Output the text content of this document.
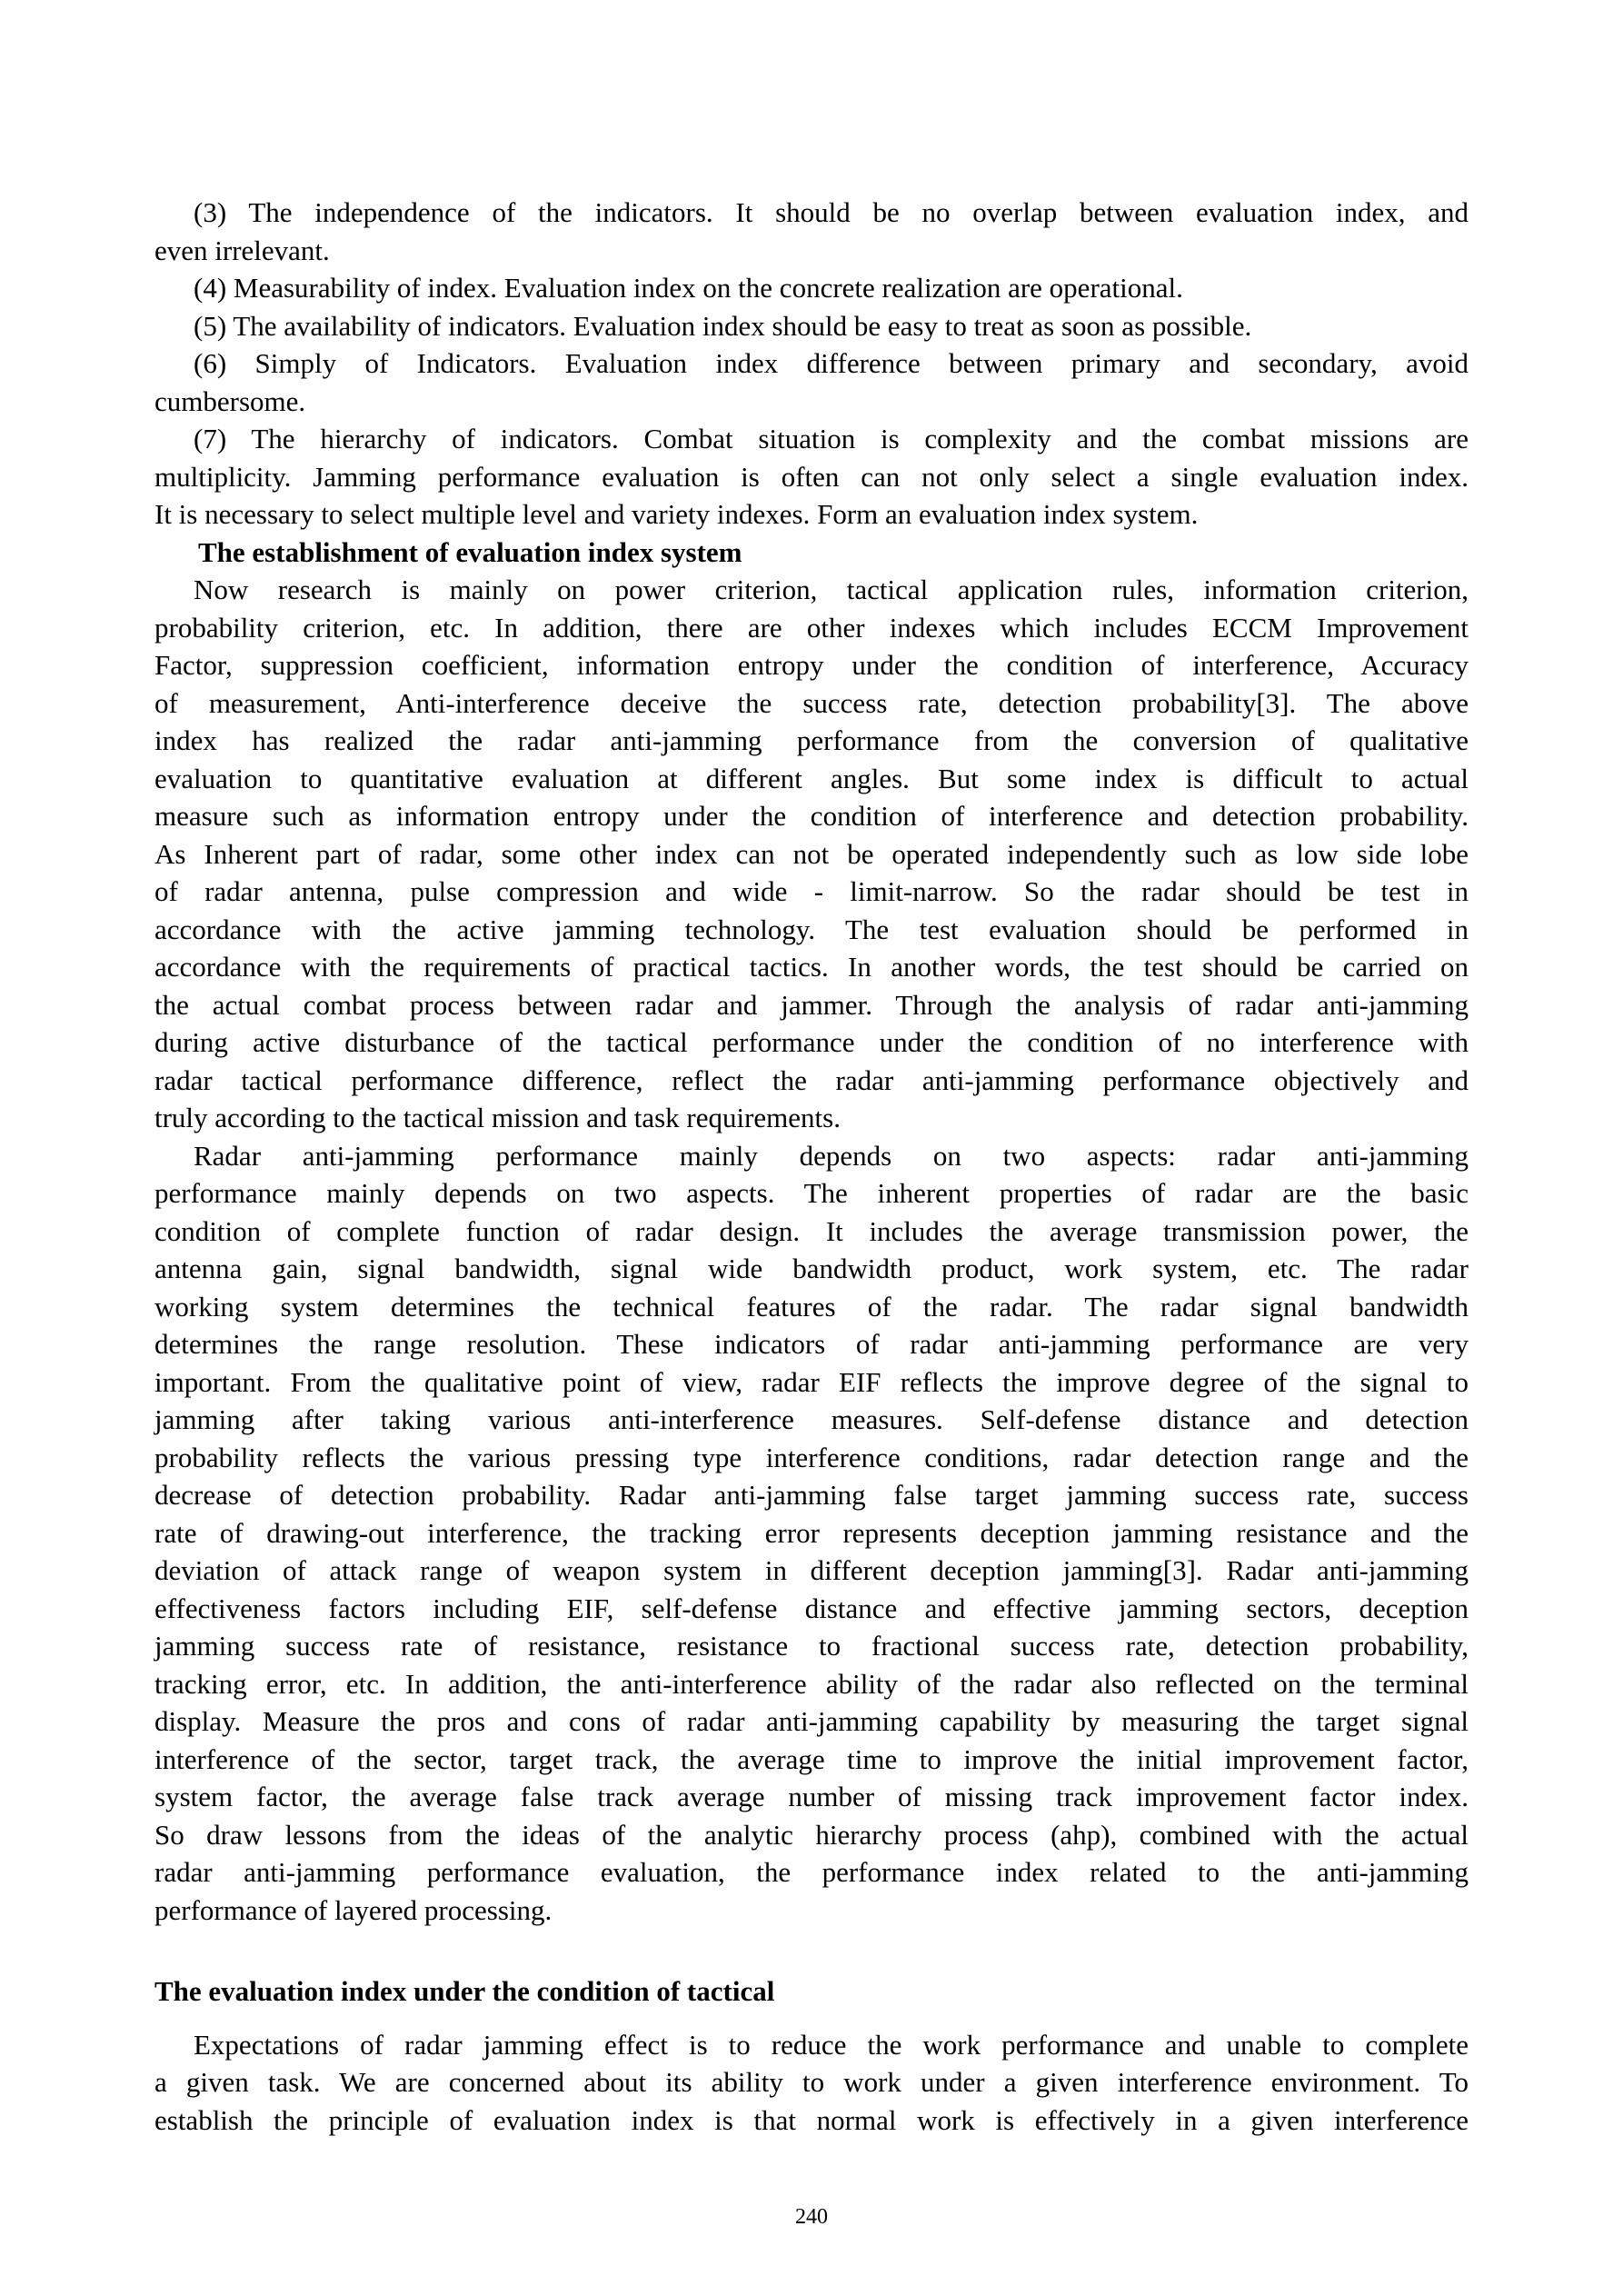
(3) The independence of the indicators. It should be no overlap between evaluation index, and
even irrelevant.
(4) Measurability of index. Evaluation index on the concrete realization are operational.
(5) The availability of indicators. Evaluation index should be easy to treat as soon as possible.
(6) Simply of Indicators. Evaluation index difference between primary and secondary, avoid
cumbersome.
(7) The hierarchy of indicators. Combat situation is complexity and the combat missions are
multiplicity. Jamming performance evaluation is often can not only select a single evaluation index.
It is necessary to select multiple level and variety indexes. Form an evaluation index system.
The establishment of evaluation index system
Now research is mainly on power criterion, tactical application rules, information criterion,
probability criterion, etc. In addition, there are other indexes which includes ECCM Improvement
Factor, suppression coefficient, information entropy under the condition of interference, Accuracy
of measurement, Anti-interference deceive the success rate, detection probability[3]. The above
index has realized the radar anti-jamming performance from the conversion of qualitative
evaluation to quantitative evaluation at different angles. But some index is difficult to actual
measure such as information entropy under the condition of interference and detection probability.
As Inherent part of radar, some other index can not be operated independently such as low side lobe
of radar antenna, pulse compression and wide - limit-narrow. So the radar should be test in
accordance with the active jamming technology. The test evaluation should be performed in
accordance with the requirements of practical tactics. In another words, the test should be carried on
the actual combat process between radar and jammer. Through the analysis of radar anti-jamming
during active disturbance of the tactical performance under the condition of no interference with
radar tactical performance difference, reflect the radar anti-jamming performance objectively and
truly according to the tactical mission and task requirements.
Radar anti-jamming performance mainly depends on two aspects: radar anti-jamming
performance mainly depends on two aspects. The inherent properties of radar are the basic
condition of complete function of radar design. It includes the average transmission power, the
antenna gain, signal bandwidth, signal wide bandwidth product, work system, etc. The radar
working system determines the technical features of the radar. The radar signal bandwidth
determines the range resolution. These indicators of radar anti-jamming performance are very
important. From the qualitative point of view, radar EIF reflects the improve degree of the signal to
jamming after taking various anti-interference measures. Self-defense distance and detection
probability reflects the various pressing type interference conditions, radar detection range and the
decrease of detection probability. Radar anti-jamming false target jamming success rate, success
rate of drawing-out interference, the tracking error represents deception jamming resistance and the
deviation of attack range of weapon system in different deception jamming[3]. Radar anti-jamming
effectiveness factors including EIF, self-defense distance and effective jamming sectors, deception
jamming success rate of resistance, resistance to fractional success rate, detection probability,
tracking error, etc. In addition, the anti-interference ability of the radar also reflected on the terminal
display. Measure the pros and cons of radar anti-jamming capability by measuring the target signal
interference of the sector, target track, the average time to improve the initial improvement factor,
system factor, the average false track average number of missing track improvement factor index.
So draw lessons from the ideas of the analytic hierarchy process (ahp), combined with the actual
radar anti-jamming performance evaluation, the performance index related to the anti-jamming
performance of layered processing.
The evaluation index under the condition of tactical
Expectations of radar jamming effect is to reduce the work performance and unable to complete
a given task. We are concerned about its ability to work under a given interference environment. To
establish the principle of evaluation index is that normal work is effectively in a given interference
240
